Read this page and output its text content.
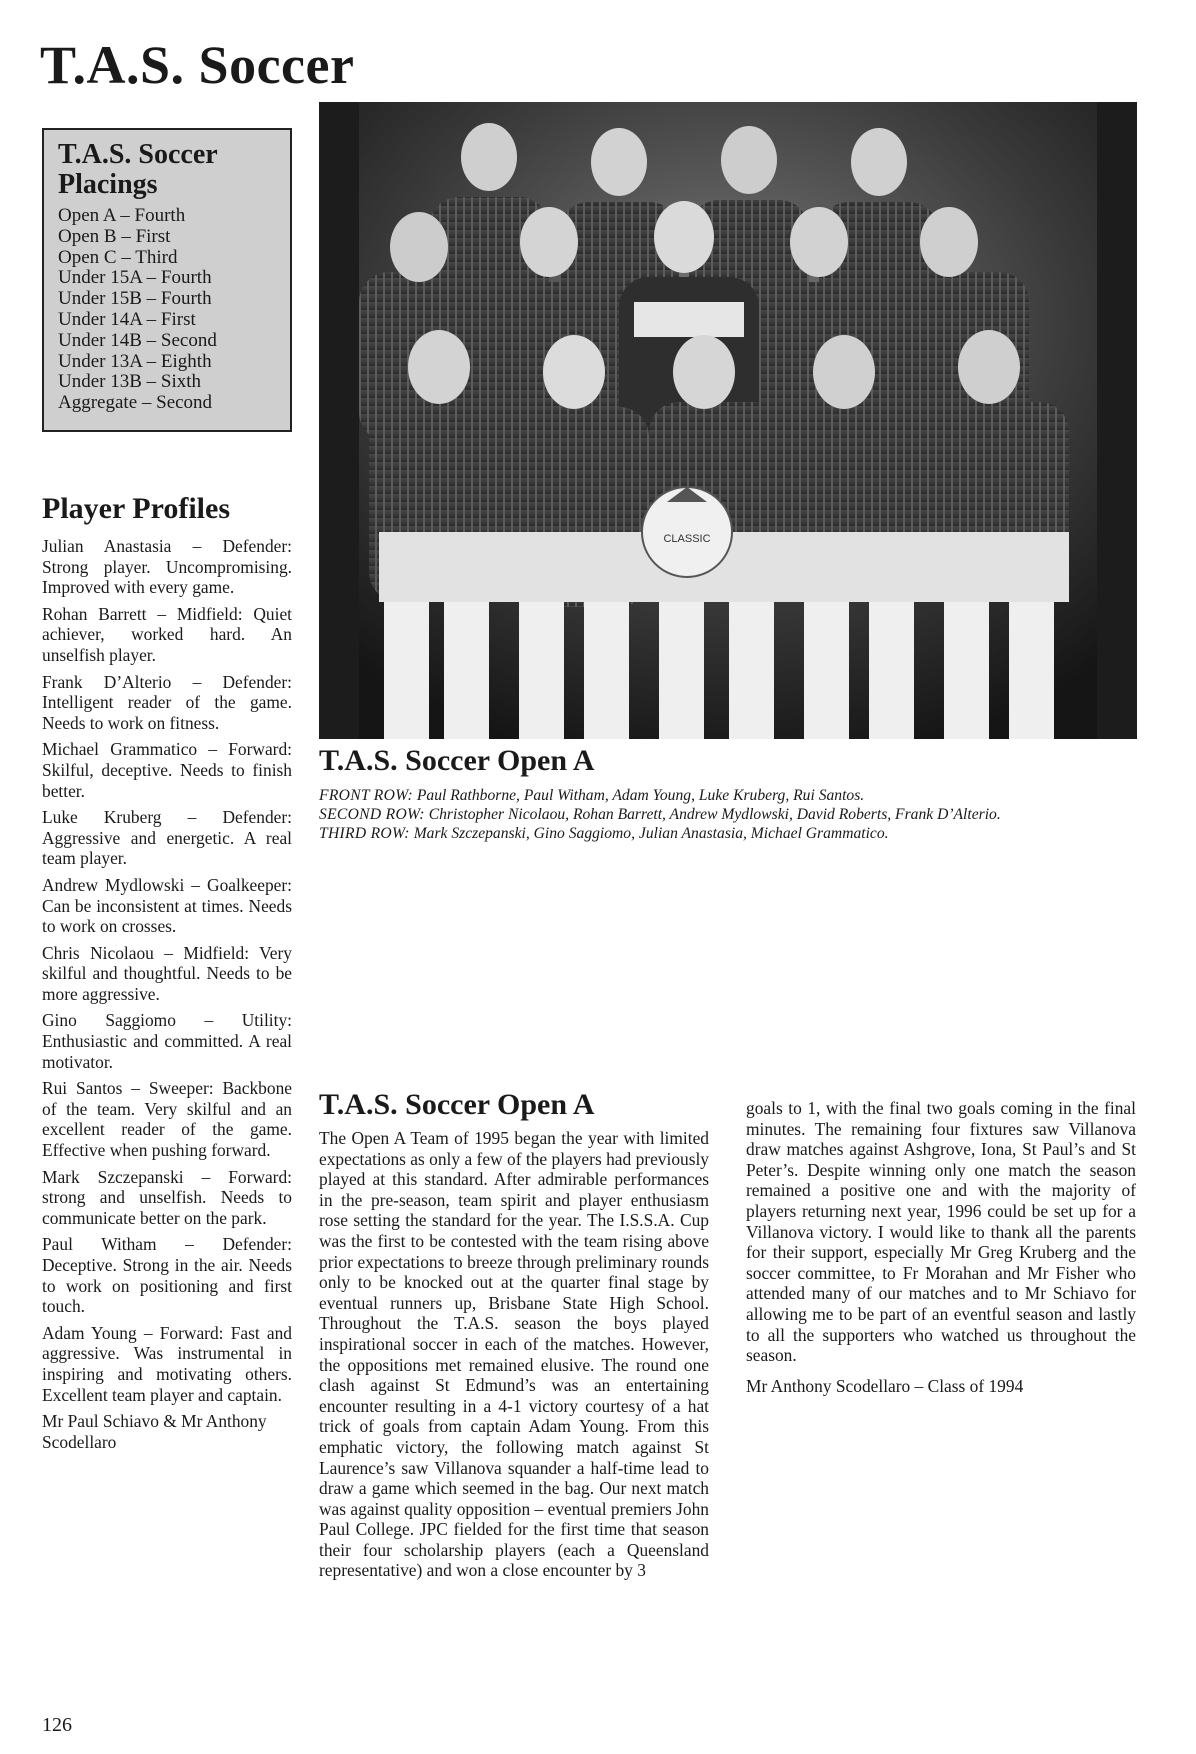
T.A.S. Soccer
T.A.S. Soccer Placings
Open A – Fourth
Open B – First
Open C – Third
Under 15A – Fourth
Under 15B – Fourth
Under 14A – First
Under 14B – Second
Under 13A – Eighth
Under 13B – Sixth
Aggregate – Second
Player Profiles

Julian Anastasia – Defender: Strong player. Uncompromising. Improved with every game.

Rohan Barrett – Midfield: Quiet achiever, worked hard. An unselfish player.

Frank D’Alterio – Defender: Intelligent reader of the game. Needs to work on fitness.

Michael Grammatico – Forward: Skilful, deceptive. Needs to finish better.

Luke Kruberg – Defender: Aggressive and energetic. A real team player.

Andrew Mydlowski – Goalkeeper: Can be inconsistent at times. Needs to work on crosses.

Chris Nicolaou – Midfield: Very skilful and thoughtful. Needs to be more aggressive.

Gino Saggiomo – Utility: Enthusiastic and committed. A real motivator.

Rui Santos – Sweeper: Backbone of the team. Very skilful and an excellent reader of the game. Effective when pushing forward.

Mark Szczepanski – Forward: strong and unselfish. Needs to communicate better on the park.

Paul Witham – Defender: Deceptive. Strong in the air. Needs to work on positioning and first touch.

Adam Young – Forward: Fast and aggressive. Was instrumental in inspiring and motivating others. Excellent team player and captain.

Mr Paul Schiavo & Mr Anthony Scodellaro

CLASSIC
T.A.S. Soccer Open A

FRONT ROW: Paul Rathborne, Paul Witham, Adam Young, Luke Kruberg, Rui Santos.

SECOND ROW: Christopher Nicolaou, Rohan Barrett, Andrew Mydlowski, David Roberts, Frank D’Alterio.

THIRD ROW: Mark Szczepanski, Gino Saggiomo, Julian Anastasia, Michael Grammatico.

T.A.S. Soccer Open A

The Open A Team of 1995 began the year with limited expectations as only a few of the players had previously played at this standard. After admirable performances in the pre-season, team spirit and player enthusiasm rose setting the standard for the year. The I.S.S.A. Cup was the first to be contested with the team rising above prior expectations to breeze through preliminary rounds only to be knocked out at the quarter final stage by eventual runners up, Brisbane State High School. Throughout the T.A.S. season the boys played inspirational soccer in each of the matches. However, the oppositions met remained elusive. The round one clash against St Edmund’s was an entertaining encounter resulting in a 4-1 victory courtesy of a hat trick of goals from captain Adam Young. From this emphatic victory, the following match against St Laurence’s saw Villanova squander a half-time lead to draw a game which seemed in the bag. Our next match was against quality opposition – eventual premiers John Paul College. JPC fielded for the first time that season their four scholarship players (each a Queensland representative) and won a close encounter by 3

goals to 1, with the final two goals coming in the final minutes. The remaining four fixtures saw Villanova draw matches against Ashgrove, Iona, St Paul’s and St Peter’s. Despite winning only one match the season remained a positive one and with the majority of players returning next year, 1996 could be set up for a Villanova victory. I would like to thank all the parents for their support, especially Mr Greg Kruberg and the soccer committee, to Fr Morahan and Mr Fisher who attended many of our matches and to Mr Schiavo for allowing me to be part of an eventful season and lastly to all the supporters who watched us throughout the season.

Mr Anthony Scodellaro – Class of 1994

126
